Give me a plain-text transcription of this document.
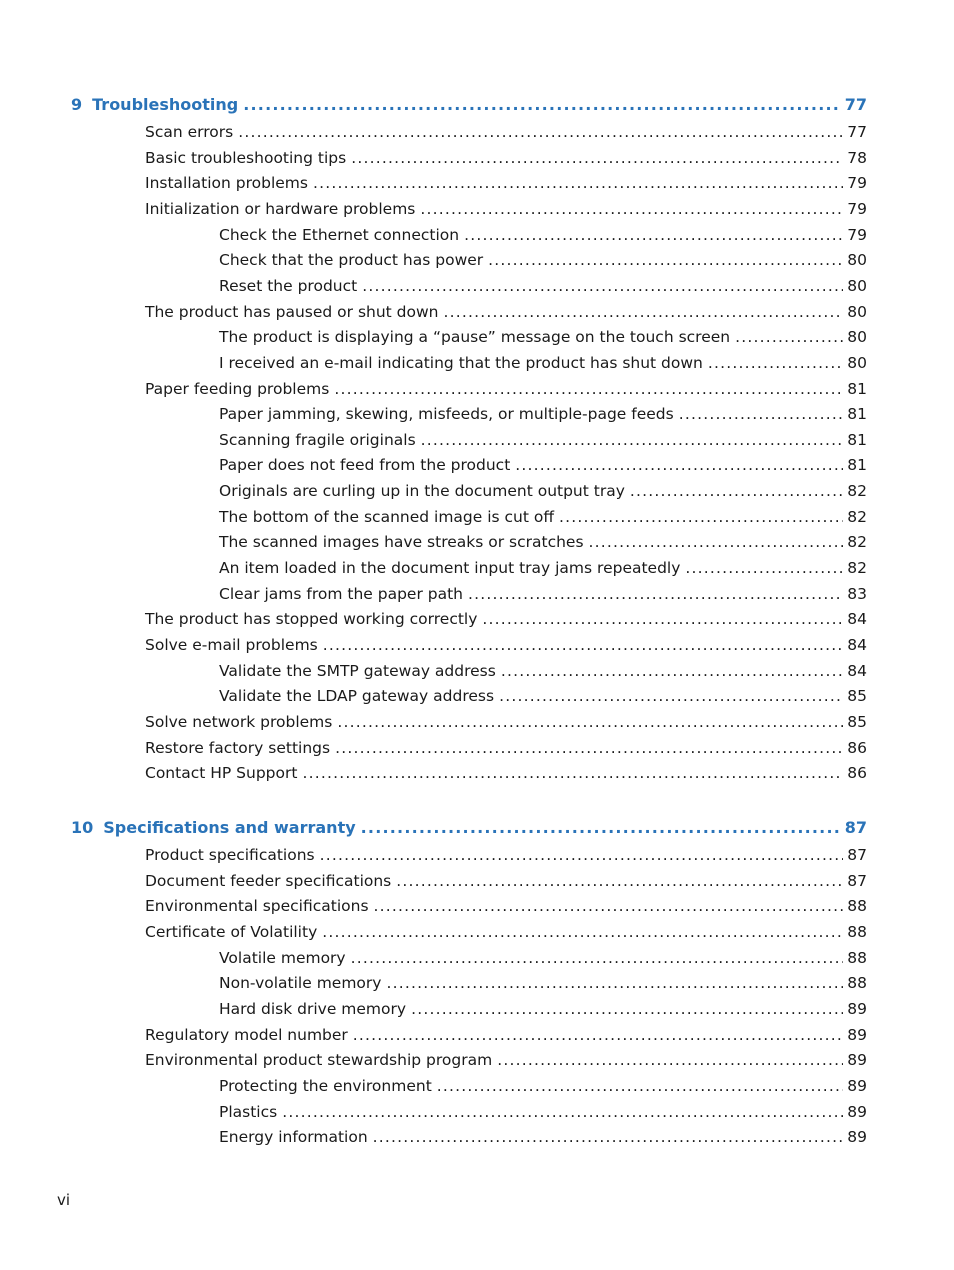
9 Troubleshooting .....	77
Scan errors .....	77
Basic troubleshooting tips .....	78
Installation problems .....	79
Initialization or hardware problems .....	79
Check the Ethernet connection .....	79
Check that the product has power .....	80
Reset the product .....	80
The product has paused or shut down .....	80
The product is displaying a “pause” message on the touch screen .....	80
I received an e-mail indicating that the product has shut down .....	80
Paper feeding problems .....	81
Paper jamming, skewing, misfeeds, or multiple-page feeds .....	81
Scanning fragile originals .....	81
Paper does not feed from the product .....	81
Originals are curling up in the document output tray .....	82
The bottom of the scanned image is cut off .....	82
The scanned images have streaks or scratches .....	82
An item loaded in the document input tray jams repeatedly .....	82
Clear jams from the paper path .....	83
The product has stopped working correctly .....	84
Solve e-mail problems .....	84
Validate the SMTP gateway address .....	84
Validate the LDAP gateway address .....	85
Solve network problems .....	85
Restore factory settings .....	86
Contact HP Support .....	86
10 Specifications and warranty .....	87
Product specifications .....	87
Document feeder specifications .....	87
Environmental specifications .....	88
Certificate of Volatility .....	88
Volatile memory .....	88
Non-volatile memory .....	88
Hard disk drive memory .....	89
Regulatory model number .....	89
Environmental product stewardship program .....	89
Protecting the environment .....	89
Plastics .....	89
Energy information .....	89
vi
